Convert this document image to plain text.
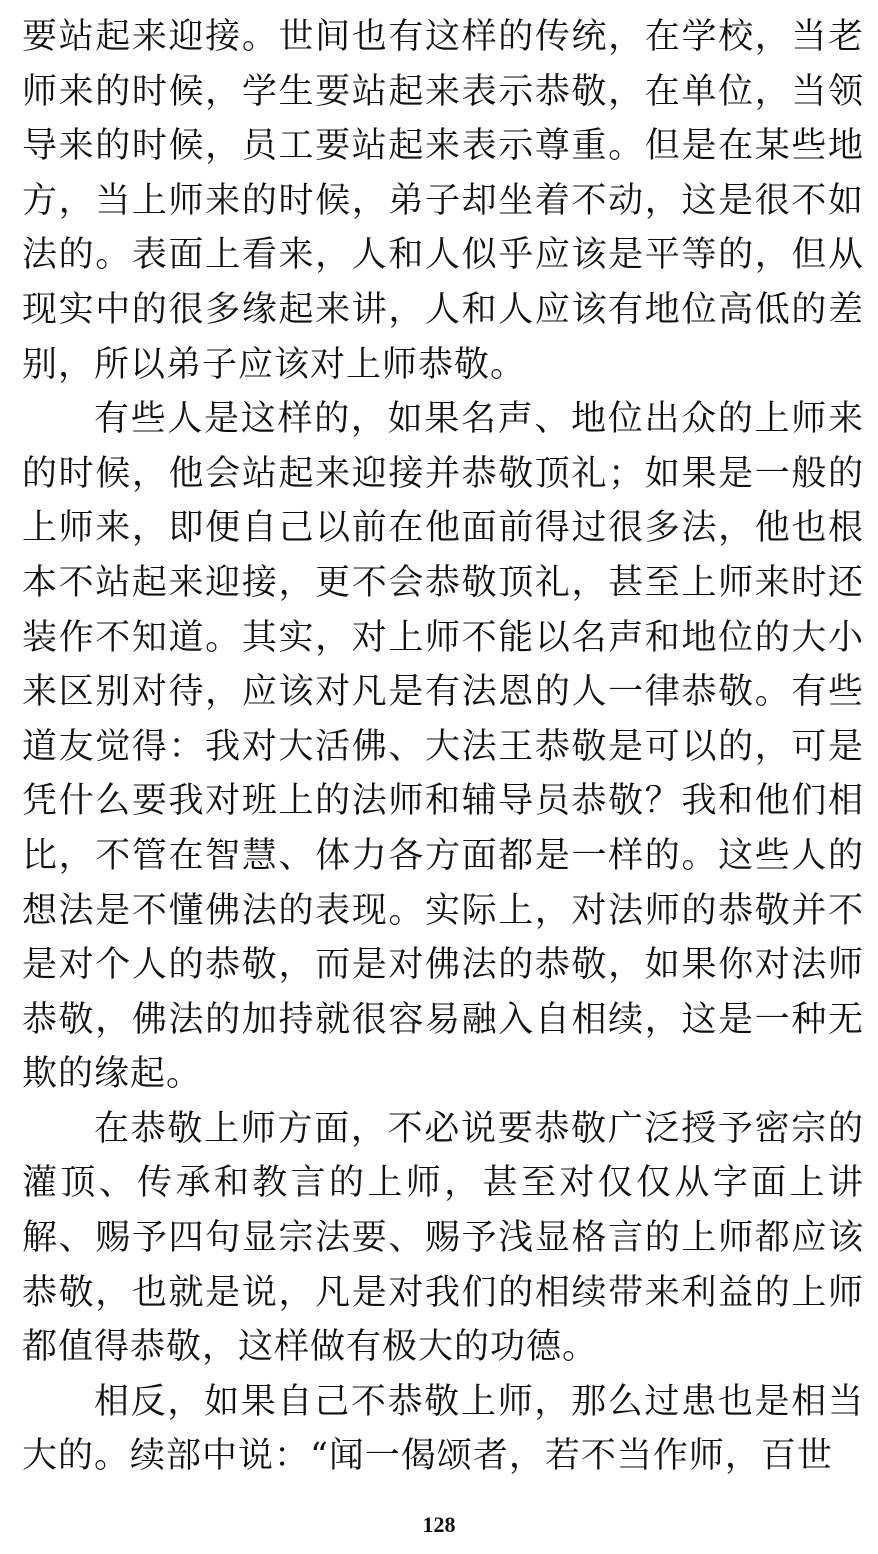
要站起来迎接。世间也有这样的传统，在学校，当老师来的时候，学生要站起来表示恭敬，在单位，当领导来的时候，员工要站起来表示尊重。但是在某些地方，当上师来的时候，弟子却坐着不动，这是很不如法的。表面上看来，人和人似乎应该是平等的，但从现实中的很多缘起来讲，人和人应该有地位高低的差别，所以弟子应该对上师恭敬。

有些人是这样的，如果名声、地位出众的上师来的时候，他会站起来迎接并恭敬顶礼；如果是一般的上师来，即便自己以前在他面前得过很多法，他也根本不站起来迎接，更不会恭敬顶礼，甚至上师来时还装作不知道。其实，对上师不能以名声和地位的大小来区别对待，应该对凡是有法恩的人一律恭敬。有些道友觉得：我对大活佛、大法王恭敬是可以的，可是凭什么要我对班上的法师和辅导员恭敬？我和他们相比，不管在智慧、体力各方面都是一样的。这些人的想法是不懂佛法的表现。实际上，对法师的恭敬并不是对个人的恭敬，而是对佛法的恭敬，如果你对法师恭敬，佛法的加持就很容易融入自相续，这是一种无欺的缘起。

在恭敬上师方面，不必说要恭敬广泛授予密宗的灌顶、传承和教言的上师，甚至对仅仅从字面上讲解、赐予四句显宗法要、赐予浅显格言的上师都应该恭敬，也就是说，凡是对我们的相续带来利益的上师都值得恭敬，这样做有极大的功德。

相反，如果自己不恭敬上师，那么过患也是相当大的。续部中说：“闻一偈颂者，若不当作师，百世

128
